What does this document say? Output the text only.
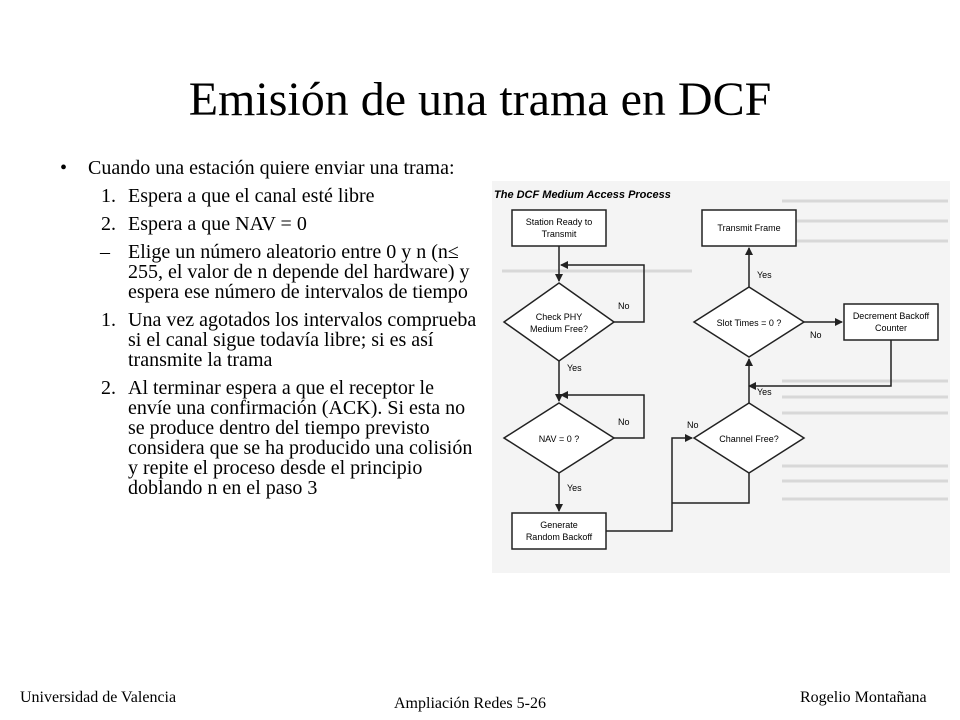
Emisión de una trama en DCF
• Cuando una estación quiere enviar una trama:
1. Espera a que el canal esté libre
2. Espera a que NAV = 0
– Elige un número aleatorio entre 0 y n (n≤ 255, el valor de n depende del hardware) y espera ese número de intervalos de tiempo
1. Una vez agotados los intervalos comprueba si el canal sigue todavía libre; si es así transmite la trama
2. Al terminar espera a que el receptor le envíe una confirmación (ACK). Si esta no se produce dentro del tiempo previsto considera que se ha producido una colisión y repite el proceso desde el principio doblando n en el paso 3
The DCF Medium Access Process
Station Ready to
Transmit
Check PHY
Medium Free?
NAV = 0 ?
Generate
Random Backoff
Transmit Frame
Slot Times = 0 ?
Decrement Backoff
Counter
Channel Free?
Yes
No
Yes
No
Yes
No
Yes
No
Universidad de Valencia	Ampliación Redes 5-26	Rogelio Montañana
